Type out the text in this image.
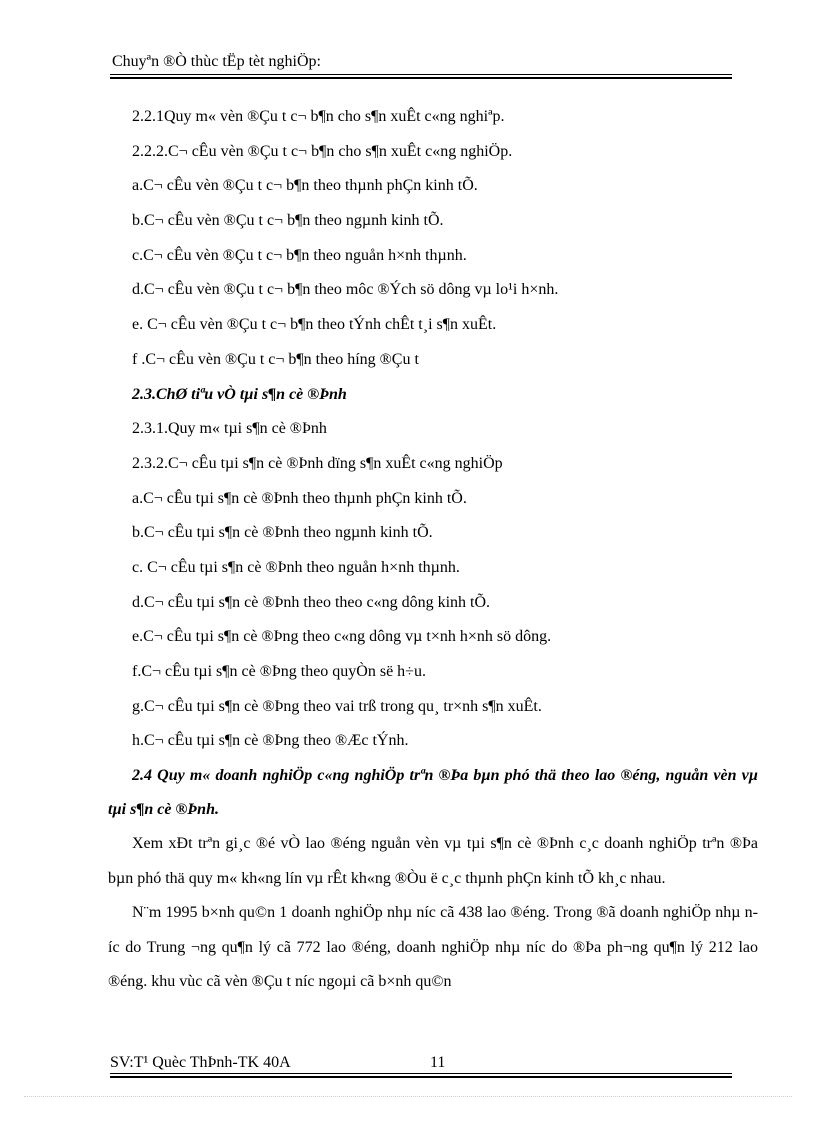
Chuyªn ®Ò thùc tËp tèt nghiÖp:
2.2.1Quy m« vèn ®Çu t c¬ b¶n cho s¶n xuÊt c«ng nghiªp.
2.2.2.C¬ cÊu vèn ®Çu t c¬ b¶n cho s¶n xuÊt c«ng nghiÖp.
a.C¬ cÊu vèn ®Çu t c¬ b¶n theo thµnh phÇn kinh tÕ.
b.C¬ cÊu vèn ®Çu t c¬ b¶n theo ngµnh kinh tÕ.
c.C¬ cÊu vèn ®Çu t c¬ b¶n theo nguån h×nh thµnh.
d.C¬ cÊu vèn ®Çu t c¬ b¶n theo môc ®Ých sö dông vµ lo¹i h×nh.
e. C¬ cÊu vèn ®Çu t c¬ b¶n theo tÝnh chÊt t¸i s¶n xuÊt.
f .C¬ cÊu vèn ®Çu t c¬ b¶n theo híng ®Çu t
2.3.ChØ tiªu vÒ tµi s¶n cè ®Þnh
2.3.1.Quy m« tµi s¶n cè ®Þnh
2.3.2.C¬ cÊu tµi s¶n cè ®Þnh dïng s¶n xuÊt c«ng nghiÖp
a.C¬ cÊu tµi s¶n cè ®Þnh theo thµnh phÇn kinh tÕ.
b.C¬ cÊu tµi s¶n cè ®Þnh theo ngµnh kinh tÕ.
c. C¬ cÊu tµi s¶n cè ®Þnh theo nguån h×nh thµnh.
d.C¬ cÊu tµi s¶n cè ®Þnh theo theo c«ng dông kinh tÕ.
e.C¬ cÊu tµi s¶n cè ®Þng theo c«ng dông vµ t×nh h×nh sö dông.
f.C¬ cÊu tµi s¶n cè ®Þng theo quyÒn së h÷u.
g.C¬ cÊu tµi s¶n cè ®Þng theo vai trß trong qu¸ tr×nh s¶n xuÊt.
h.C¬ cÊu tµi s¶n cè ®Þng theo ®Æc tÝnh.

2.4 Quy m« doanh nghiÖp c«ng nghiÖp trªn ®Þa bµn phó thä theo lao ®éng, nguån vèn vµ tµi s¶n cè ®Þnh.

Xem xÐt trªn gi¸c ®é vÒ lao ®éng nguån vèn vµ tµi s¶n cè ®Þnh c¸c doanh nghiÖp trªn ®Þa bµn phó thä quy m« kh«ng lín vµ rÊt kh«ng ®Òu ë c¸c thµnh phÇn kinh tÕ kh¸c nhau.

N¨m 1995 b×nh qu©n 1 doanh nghiÖp nhµ níc cã 438 lao ®éng. Trong ®ã doanh nghiÖp nhµ níc do Trung ¬ng qu¶n lý cã 772 lao ®éng, doanh nghiÖp nhµ níc do ®Þa ph¬ng qu¶n lý 212 lao ®éng. khu vùc cã vèn ®Çu t níc ngoµi cã b×nh qu©n

SV:T¹ Quèc ThÞnh-TK 40A	11
